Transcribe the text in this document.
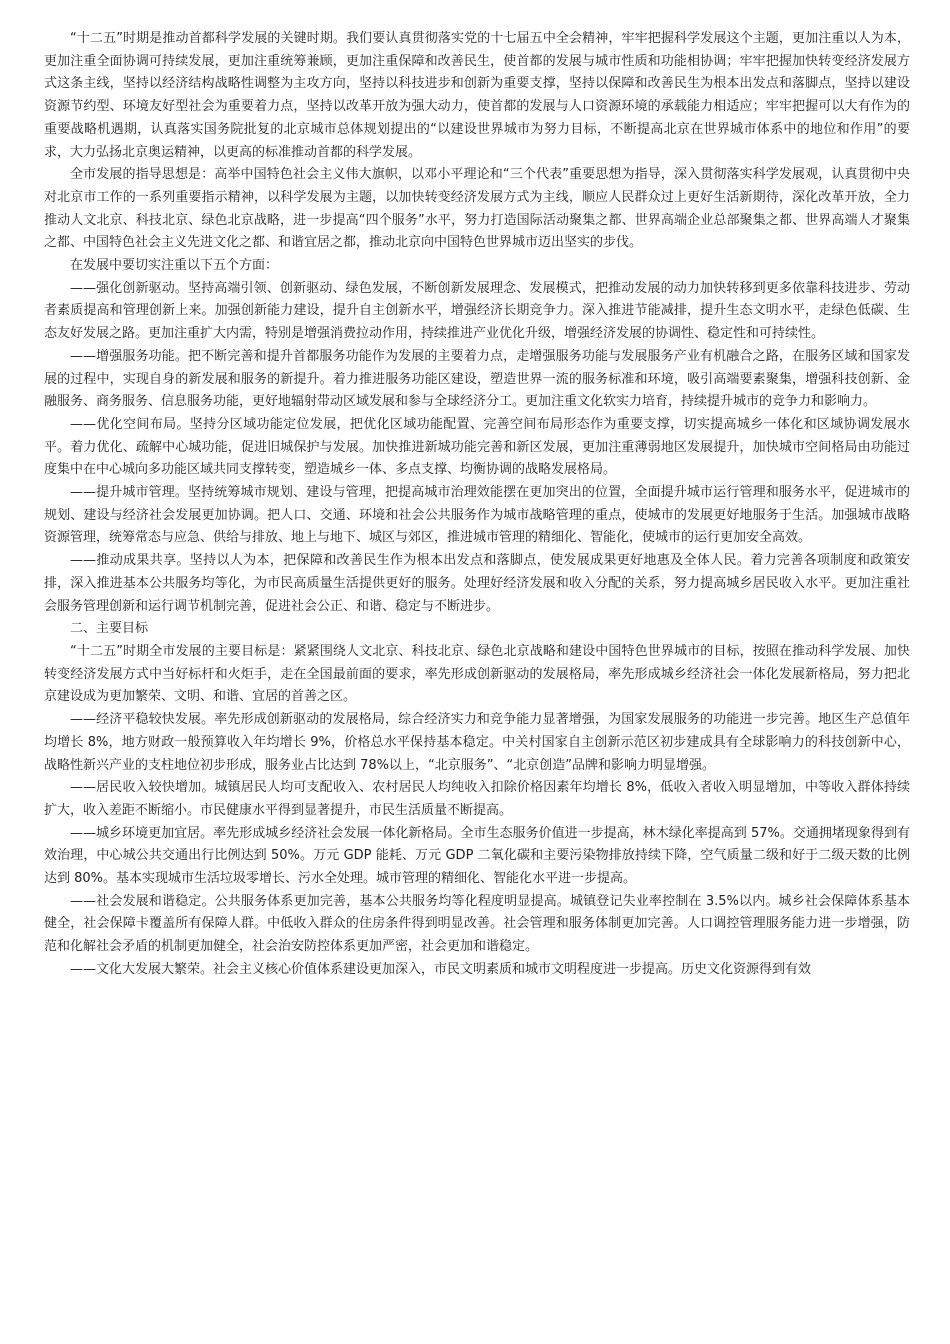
“十二五”时期是推动首都科学发展的关键时期。我们要认真贯彻落实党的十七届五中全会精神，牢牢把握科学发展这个主题，更加注重以人为本，更加注重全面协调可持续发展，更加注重统筹兼顾，更加注重保障和改善民生，使首都的发展与城市性质和功能相协调；牢牢把握加快转变经济发展方式这条主线，坚持以经济结构战略性调整为主攻方向，坚持以科技进步和创新为重要支撑，坚持以保障和改善民生为根本出发点和落脚点，坚持以建设资源节约型、环境友好型社会为重要着力点，坚持以改革开放为强大动力，使首都的发展与人口资源环境的承载能力相适应；牢牢把握可以大有作为的重要战略机遇期，认真落实国务院批复的北京城市总体规划提出的“以建设世界城市为努力目标，不断提高北京在世界城市体系中的地位和作用”的要求，大力弘扬北京奥运精神，以更高的标准推动首都的科学发展。

全市发展的指导思想是：高举中国特色社会主义伟大旗帜，以邓小平理论和“三个代表”重要思想为指导，深入贯彻落实科学发展观，认真贯彻中央对北京市工作的一系列重要指示精神，以科学发展为主题，以加快转变经济发展方式为主线，顺应人民群众过上更好生活新期待，深化改革开放，全力推动人文北京、科技北京、绿色北京战略，进一步提高“四个服务”水平，努力打造国际活动聚集之都、世界高端企业总部聚集之都、世界高端人才聚集之都、中国特色社会主义先进文化之都、和谐宜居之都，推动北京向中国特色世界城市迈出坚实的步伐。

在发展中要切实注重以下五个方面：

——强化创新驱动。坚持高端引领、创新驱动、绿色发展，不断创新发展理念、发展模式，把推动发展的动力加快转移到更多依靠科技进步、劳动者素质提高和管理创新上来。加强创新能力建设，提升自主创新水平，增强经济长期竞争力。深入推进节能减排，提升生态文明水平，走绿色低碳、生态友好发展之路。更加注重扩大内需，特别是增强消费拉动作用，持续推进产业优化升级，增强经济发展的协调性、稳定性和可持续性。

——增强服务功能。把不断完善和提升首都服务功能作为发展的主要着力点，走增强服务功能与发展服务产业有机融合之路，在服务区域和国家发展的过程中，实现自身的新发展和服务的新提升。着力推进服务功能区建设，塑造世界一流的服务标准和环境，吸引高端要素聚集，增强科技创新、金融服务、商务服务、信息服务功能，更好地辐射带动区域发展和参与全球经济分工。更加注重文化软实力培育，持续提升城市的竞争力和影响力。

——优化空间布局。坚持分区域功能定位发展，把优化区域功能配置、完善空间布局形态作为重要支撑，切实提高城乡一体化和区域协调发展水平。着力优化、疏解中心城功能，促进旧城保护与发展。加快推进新城功能完善和新区发展，更加注重薄弱地区发展提升，加快城市空间格局由功能过度集中在中心城向多功能区域共同支撑转变，塑造城乡一体、多点支撑、均衡协调的战略发展格局。

——提升城市管理。坚持统筹城市规划、建设与管理，把提高城市治理效能摆在更加突出的位置，全面提升城市运行管理和服务水平，促进城市的规划、建设与经济社会发展更加协调。把人口、交通、环境和社会公共服务作为城市战略管理的重点，使城市的发展更好地服务于生活。加强城市战略资源管理，统筹常态与应急、供给与排放、地上与地下、城区与郊区，推进城市管理的精细化、智能化，使城市的运行更加安全高效。

——推动成果共享。坚持以人为本，把保障和改善民生作为根本出发点和落脚点，使发展成果更好地惠及全体人民。着力完善各项制度和政策安排，深入推进基本公共服务均等化，为市民高质量生活提供更好的服务。处理好经济发展和收入分配的关系，努力提高城乡居民收入水平。更加注重社会服务管理创新和运行调节机制完善，促进社会公正、和谐、稳定与不断进步。

二、主要目标

“十二五”时期全市发展的主要目标是：紧紧围绕人文北京、科技北京、绿色北京战略和建设中国特色世界城市的目标，按照在推动科学发展、加快转变经济发展方式中当好标杆和火炬手，走在全国最前面的要求，率先形成创新驱动的发展格局，率先形成城乡经济社会一体化发展新格局，努力把北京建设成为更加繁荣、文明、和谐、宜居的首善之区。

——经济平稳较快发展。率先形成创新驱动的发展格局，综合经济实力和竞争能力显著增强，为国家发展服务的功能进一步完善。地区生产总值年均增长 8%，地方财政一般预算收入年均增长 9%，价格总水平保持基本稳定。中关村国家自主创新示范区初步建成具有全球影响力的科技创新中心，战略性新兴产业的支柱地位初步形成，服务业占比达到 78%以上，“北京服务”、“北京创造”品牌和影响力明显增强。

——居民收入较快增加。城镇居民人均可支配收入、农村居民人均纯收入扣除价格因素年均增长 8%，低收入者收入明显增加，中等收入群体持续扩大，收入差距不断缩小。市民健康水平得到显著提升，市民生活质量不断提高。

——城乡环境更加宜居。率先形成城乡经济社会发展一体化新格局。全市生态服务价值进一步提高，林木绿化率提高到 57%。交通拥堵现象得到有效治理，中心城公共交通出行比例达到 50%。万元 GDP 能耗、万元 GDP 二氧化碳和主要污染物排放持续下降，空气质量二级和好于二级天数的比例达到 80%。基本实现城市生活垃圾零增长、污水全处理。城市管理的精细化、智能化水平进一步提高。

——社会发展和谐稳定。公共服务体系更加完善，基本公共服务均等化程度明显提高。城镇登记失业率控制在 3.5%以内。城乡社会保障体系基本健全，社会保障卡覆盖所有保障人群。中低收入群众的住房条件得到明显改善。社会管理和服务体制更加完善。人口调控管理服务能力进一步增强，防范和化解社会矛盾的机制更加健全，社会治安防控体系更加严密，社会更加和谐稳定。

——文化大发展大繁荣。社会主义核心价值体系建设更加深入，市民文明素质和城市文明程度进一步提高。历史文化资源得到有效
